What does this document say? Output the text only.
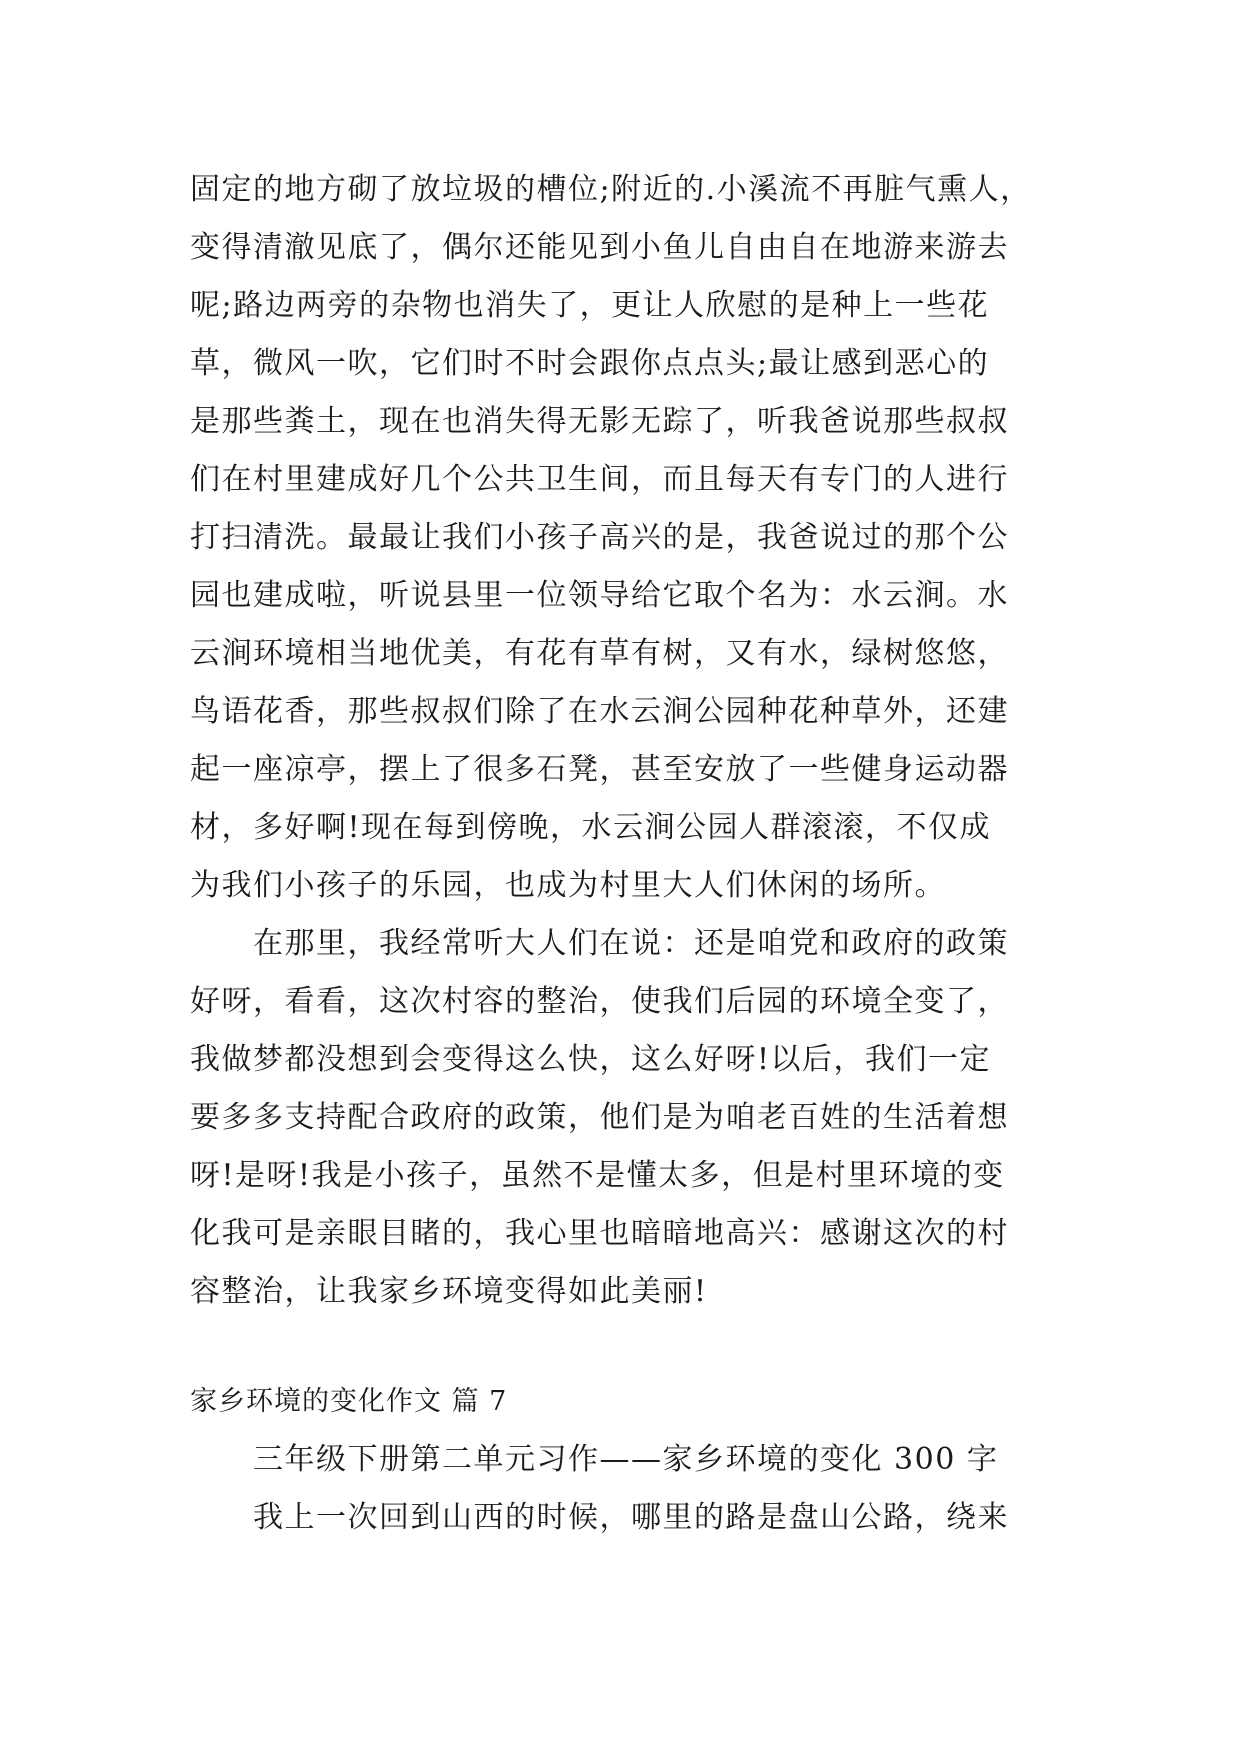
固定的地方砌了放垃圾的槽位;附近的.小溪流不再脏气熏人，
变得清澈见底了，偶尔还能见到小鱼儿自由自在地游来游去
呢;路边两旁的杂物也消失了，更让人欣慰的是种上一些花
草，微风一吹，它们时不时会跟你点点头;最让感到恶心的
是那些粪土，现在也消失得无影无踪了，听我爸说那些叔叔
们在村里建成好几个公共卫生间，而且每天有专门的人进行
打扫清洗。最最让我们小孩子高兴的是，我爸说过的那个公
园也建成啦，听说县里一位领导给它取个名为：水云涧。水
云涧环境相当地优美，有花有草有树，又有水，绿树悠悠，
鸟语花香，那些叔叔们除了在水云涧公园种花种草外，还建
起一座凉亭，摆上了很多石凳，甚至安放了一些健身运动器
材，多好啊!现在每到傍晚，水云涧公园人群滚滚，不仅成
为我们小孩子的乐园，也成为村里大人们休闲的场所。
在那里，我经常听大人们在说：还是咱党和政府的政策
好呀，看看，这次村容的整治，使我们后园的环境全变了，
我做梦都没想到会变得这么快，这么好呀!以后，我们一定
要多多支持配合政府的政策，他们是为咱老百姓的生活着想
呀!是呀!我是小孩子，虽然不是懂太多，但是村里环境的变
化我可是亲眼目睹的，我心里也暗暗地高兴：感谢这次的村
容整治，让我家乡环境变得如此美丽!
家乡环境的变化作文 篇 7
三年级下册第二单元习作——家乡环境的变化 300 字
我上一次回到山西的时候，哪里的路是盘山公路，绕来
